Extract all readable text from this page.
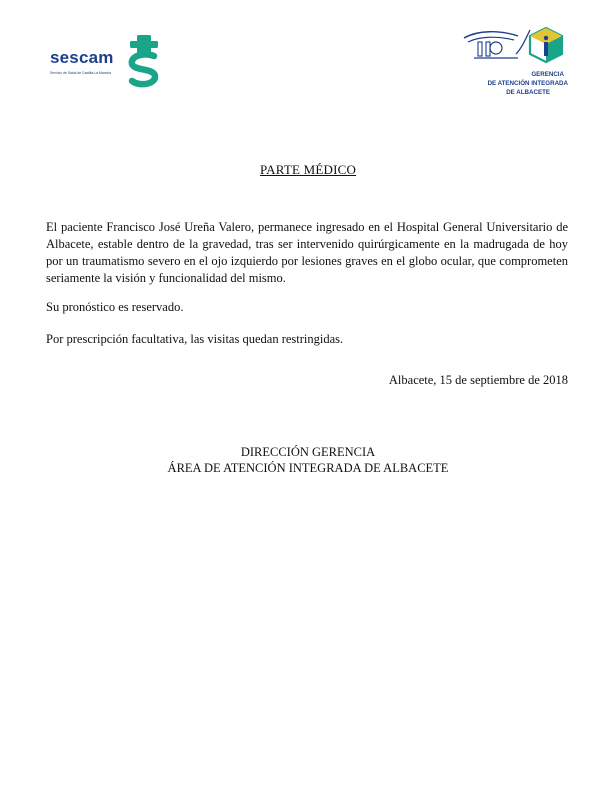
sescam
Servicio de Salud de Castilla-La Mancha	GERENCIA
DE ATENCIÓN INTEGRADA
DE ALBACETE
PARTE MÉDICO

El paciente Francisco José Ureña Valero, permanece ingresado en el Hospital General Universitario de Albacete, estable dentro de la gravedad, tras ser intervenido quirúrgicamente en la madrugada de hoy por un traumatismo severo en el ojo izquierdo por lesiones graves en el globo ocular, que comprometen seriamente la visión y funcionalidad del mismo.

Su pronóstico es reservado.

Por prescripción facultativa, las visitas quedan restringidas.

Albacete, 15 de septiembre de 2018
DIRECCIÓN GERENCIA
ÁREA DE ATENCIÓN INTEGRADA DE ALBACETE
